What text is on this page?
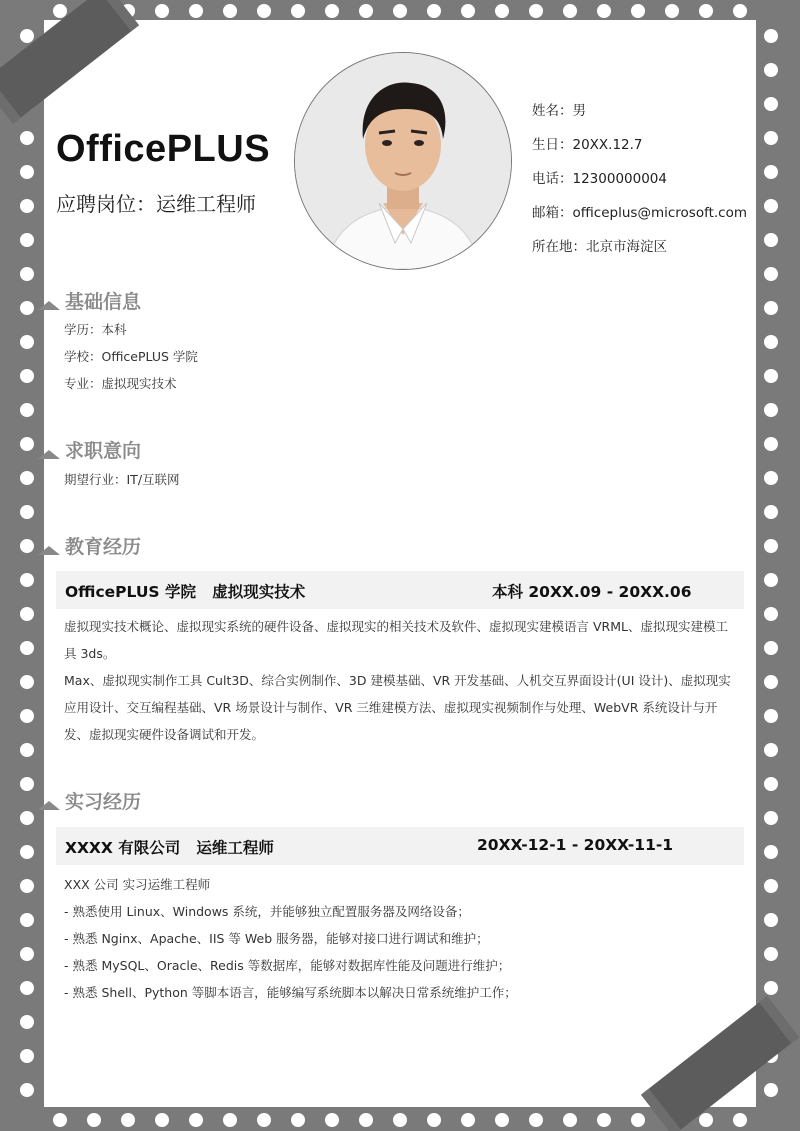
OfficePLUS
应聘岗位：运维工程师
姓名：男
生日：20XX.12.7
电话：12300000004
邮箱：officeplus@microsoft.com
所在地：北京市海淀区
基础信息
学历：本科
学校：OfficePLUS 学院
专业：虚拟现实技术
求职意向
期望行业：IT/互联网
教育经历
OfficePLUS 学院 虚拟现实技术	本科 20XX.09 - 20XX.06
虚拟现实技术概论、虚拟现实系统的硬件设备、虚拟现实的相关技术及软件、虚拟现实建模语言 VRML、虚拟现实建模工具 3ds。
Max、虚拟现实制作工具 Cult3D、综合实例制作、3D 建模基础、VR 开发基础、人机交互界面设计(UI 设计)、虚拟现实应用设计、交互编程基础、VR 场景设计与制作、VR 三维建模方法、虚拟现实视频制作与处理、WebVR 系统设计与开发、虚拟现实硬件设备调试和开发。
实习经历
XXXX 有限公司 运维工程师	20XX-12-1 - 20XX-11-1
XXX 公司 实习运维工程师
- 熟悉使用 Linux、Windows 系统，并能够独立配置服务器及网络设备；
- 熟悉 Nginx、Apache、IIS 等 Web 服务器，能够对接口进行调试和维护；
- 熟悉 MySQL、Oracle、Redis 等数据库，能够对数据库性能及问题进行维护；
- 熟悉 Shell、Python 等脚本语言，能够编写系统脚本以解决日常系统维护工作；
